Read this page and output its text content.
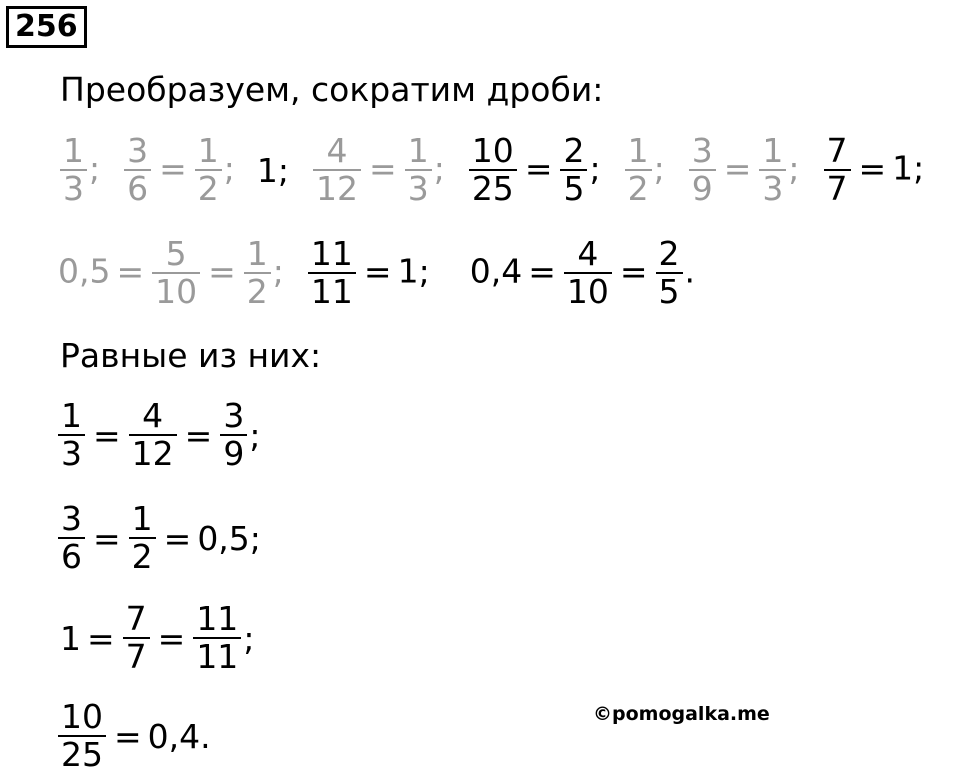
256
Преобразуем, сократим дроби:
$\frac{1}{3}$ ; $\frac{3}{6} = \frac{1}{2}$ ; 1; $\frac{4}{12} = \frac{1}{3}$ ; $\frac{10}{25} = \frac{2}{5}$ ; $\frac{1}{2}$ ; $\frac{3}{9} = \frac{1}{3}$ ; $\frac{7}{7} = 1$;
$0,5 = \frac{5}{10} = \frac{1}{2}$ ; $\frac{11}{11} = 1$;	$0,4 = \frac{4}{10} = \frac{2}{5}$ .
Равные из них:
$\frac{1}{3} = \frac{4}{12} = \frac{3}{9}$ ;
$\frac{3}{6} = \frac{1}{2} = 0,5$ ;
$1 = \frac{7}{7} = \frac{11}{11}$ ;
$\frac{10}{25} = 0,4$ .
©pomogalka.me
